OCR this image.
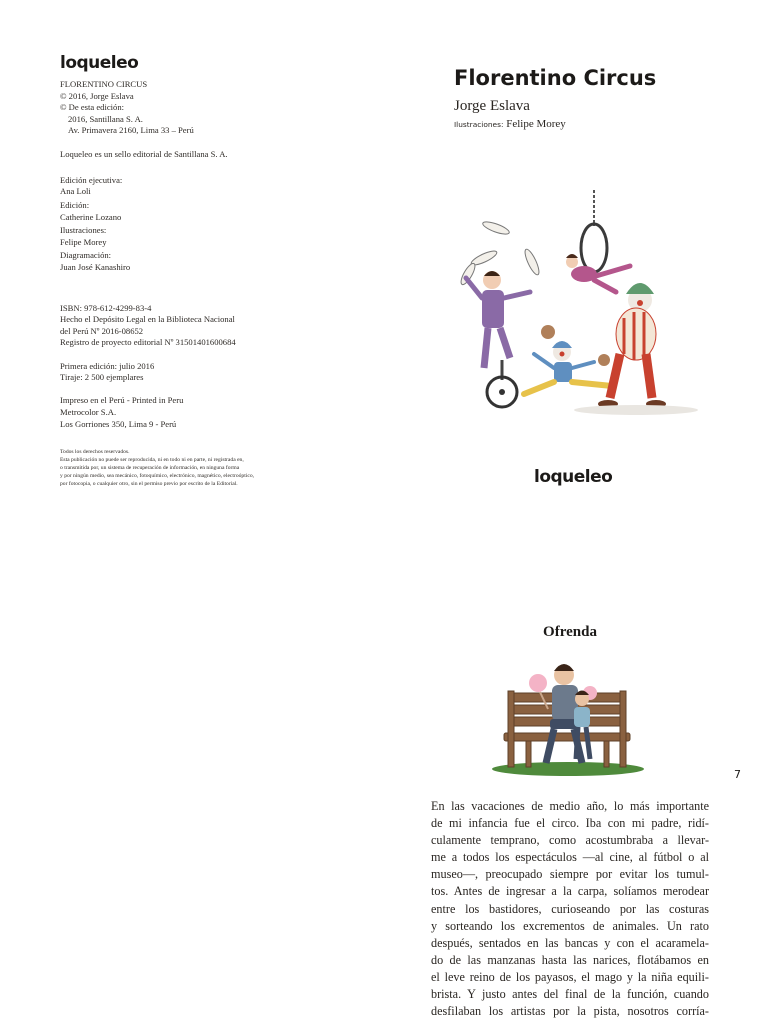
loqueleo

FLORENTINO CIRCUS

© 2016, Jorge Eslava

© De esta edición:

2016, Santillana S. A.

Av. Primavera 2160, Lima 33 – Perú

Loqueleo es un sello editorial de Santillana S. A.

Edición ejecutiva:

Ana Loli

Edición:

Catherine Lozano

Ilustraciones:

Felipe Morey

Diagramación:

Juan José Kanashiro

ISBN: 978-612-4299-83-4

Hecho el Depósito Legal en la Biblioteca Nacional

del Perú Nº 2016-08652

Registro de proyecto editorial Nº 31501401600684

Primera edición: julio 2016

Tiraje: 2 500 ejemplares

Impreso en el Perú - Printed in Peru

Metrocolor S.A.

Los Gorriones 350, Lima 9 - Perú

Todos los derechos reservados.

Esta publicación no puede ser reproducida, ni en todo ni en parte, ni registrada en,

o transmitida por, un sistema de recuperación de información, en ninguna forma

y por ningún medio, sea mecánico, fotoquímico, electrónico, magnético, electroóptico,

por fotocopia, o cualquier otro, sin el permiso previo por escrito de la Editorial.

Florentino Circus
Jorge Eslava
Ilustraciones: Felipe Morey
loqueleo
Ofrenda
7
En las vacaciones de medio año, lo más importante
de mi infancia fue el circo. Iba con mi padre, ridí-
culamente temprano, como acostumbraba a llevar-
me a todos los espectáculos —al cine, al fútbol o al
museo—, preocupado siempre por evitar los tumul-
tos. Antes de ingresar a la carpa, solíamos merodear
entre los bastidores, curioseando por las costuras
y sorteando los excrementos de animales. Un rato
después, sentados en las bancas y con el acaramela-
do de las manzanas hasta las narices, flotábamos en
el leve reino de los payasos, el mago y la niña equili-
brista. Y justo antes del final de la función, cuando
desfilaban los artistas por la pista, nosotros corría-
